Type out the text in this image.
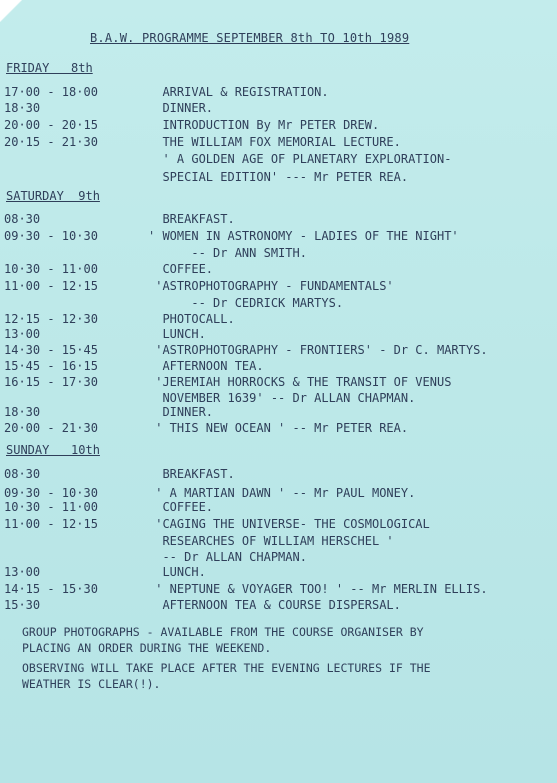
B.A.W. PROGRAMME SEPTEMBER 8th TO 10th 1989
FRIDAY   8th
17·00 - 18·00	ARRIVAL & REGISTRATION.
18·30	DINNER.
20·00 - 20·15	INTRODUCTION By Mr PETER DREW.
20·15 - 21·30	THE WILLIAM FOX MEMORIAL LECTURE.
' A GOLDEN AGE OF PLANETARY EXPLORATION-
SPECIAL EDITION' --- Mr PETER REA.
SATURDAY  9th
08·30	BREAKFAST.
09·30 - 10·30	' WOMEN IN ASTRONOMY - LADIES OF THE NIGHT'
-- Dr ANN SMITH.
10·30 - 11·00	COFFEE.
11·00 - 12·15	'ASTROPHOTOGRAPHY - FUNDAMENTALS'
-- Dr CEDRICK MARTYS.
12·15 - 12·30	PHOTOCALL.
13·00	LUNCH.
14·30 - 15·45	'ASTROPHOTOGRAPHY - FRONTIERS' - Dr C. MARTYS.
15·45 - 16·15	AFTERNOON TEA.
16·15 - 17·30	'JEREMIAH HORROCKS & THE TRANSIT OF VENUS
NOVEMBER 1639' -- Dr ALLAN CHAPMAN.
18·30	DINNER.
20·00 - 21·30	' THIS NEW OCEAN ' -- Mr PETER REA.
SUNDAY   10th
08·30	BREAKFAST.
09·30 - 10·30	' A MARTIAN DAWN ' -- Mr PAUL MONEY.
10·30 - 11·00	COFFEE.
11·00 - 12·15	'CAGING THE UNIVERSE- THE COSMOLOGICAL
RESEARCHES OF WILLIAM HERSCHEL '
-- Dr ALLAN CHAPMAN.
13·00	LUNCH.
14·15 - 15·30	' NEPTUNE & VOYAGER TOO! ' -- Mr MERLIN ELLIS.
15·30	AFTERNOON TEA & COURSE DISPERSAL.
GROUP PHOTOGRAPHS - AVAILABLE FROM THE COURSE ORGANISER BY
PLACING AN ORDER DURING THE WEEKEND.
OBSERVING WILL TAKE PLACE AFTER THE EVENING LECTURES IF THE
WEATHER IS CLEAR(!).
